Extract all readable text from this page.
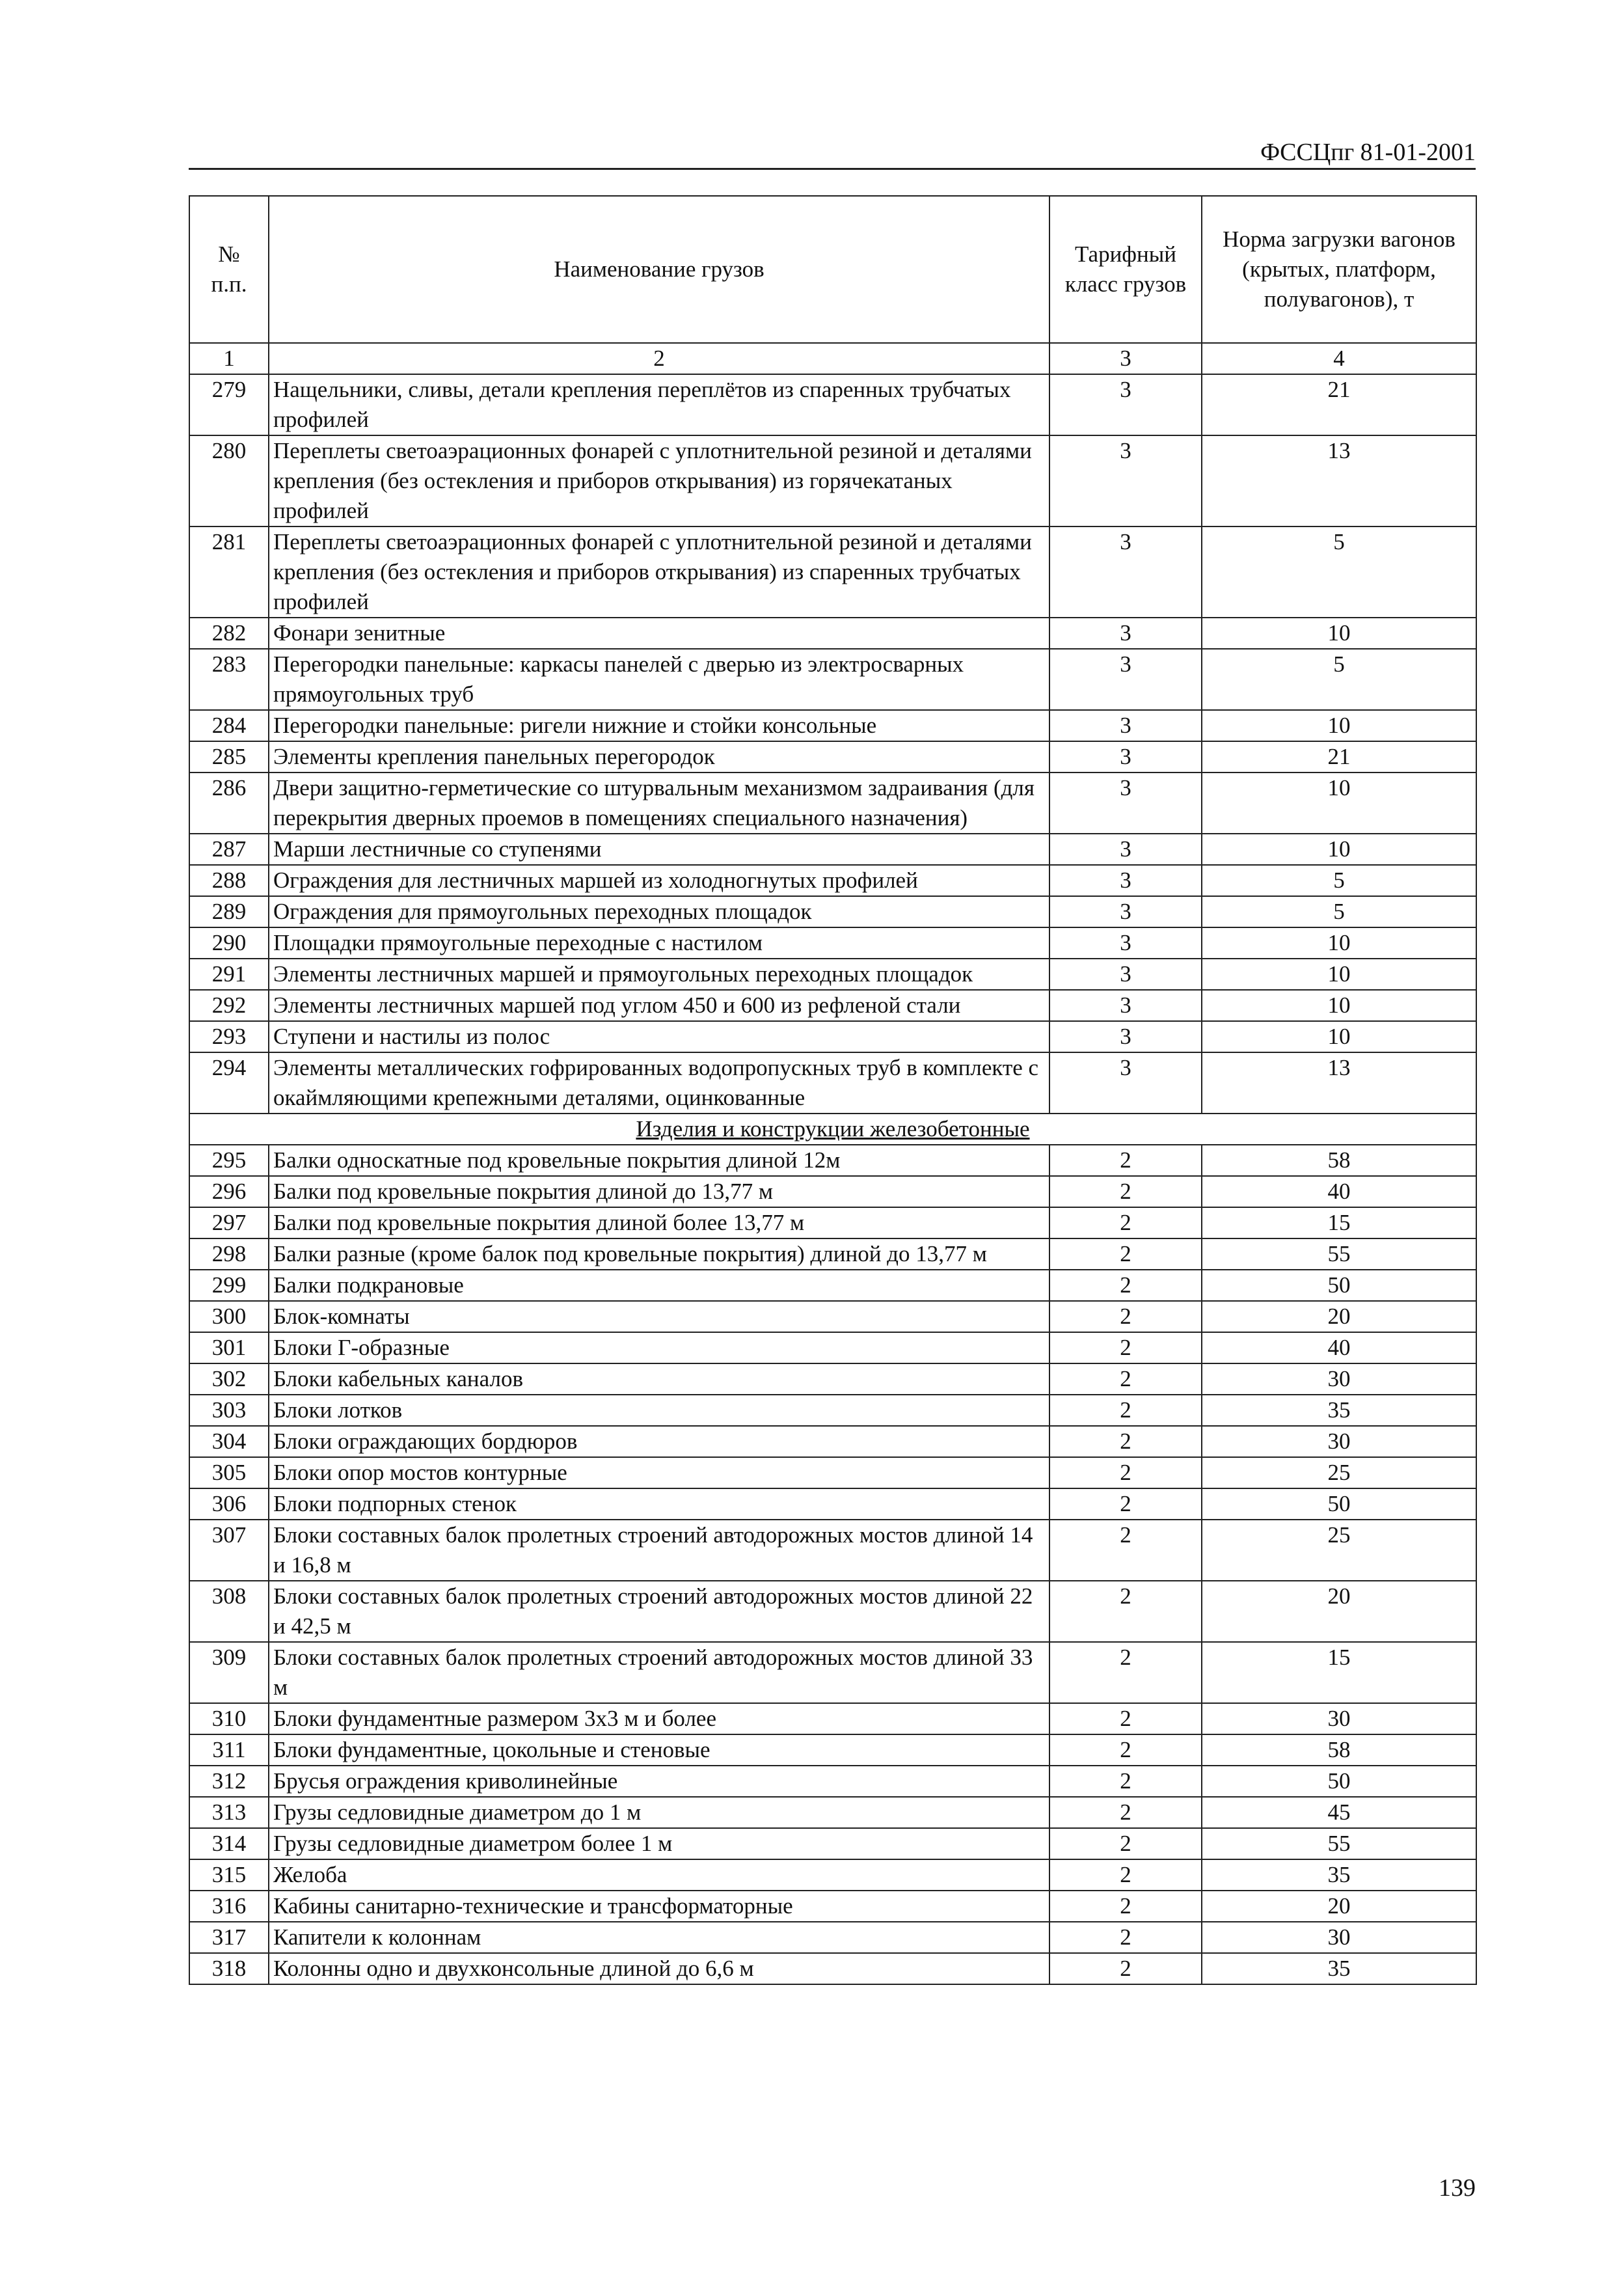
ФССЦпг 81-01-2001
№
п.п.	Наименование грузов	Тарифный класс грузов	Норма загрузки вагонов (крытых, платформ, полувагонов), т
1	2	3	4
279	Нащельники, сливы, детали крепления переплётов из спаренных трубчатых профилей	3	21
280	Переплеты светоаэрационных фонарей с уплотнительной резиной и деталями крепления (без остекления и приборов открывания) из горячекатаных профилей	3	13
281	Переплеты светоаэрационных фонарей с уплотнительной резиной и деталями крепления (без остекления и приборов открывания) из спаренных трубчатых профилей	3	5
282	Фонари зенитные	3	10
283	Перегородки панельные: каркасы панелей с дверью из электросварных прямоугольных труб	3	5
284	Перегородки панельные: ригели нижние и стойки консольные	3	10
285	Элементы крепления панельных перегородок	3	21
286	Двери защитно-герметические со штурвальным механизмом задраивания (для перекрытия дверных проемов в помещениях специального назначения)	3	10
287	Марши лестничные со ступенями	3	10
288	Ограждения для лестничных маршей из холодногнутых профилей	3	5
289	Ограждения для прямоугольных переходных площадок	3	5
290	Площадки прямоугольные переходные с настилом	3	10
291	Элементы лестничных маршей и прямоугольных переходных площадок	3	10
292	Элементы лестничных маршей под углом 450 и 600 из рефленой стали	3	10
293	Ступени и настилы из полос	3	10
294	Элементы металлических гофрированных водопропускных труб в комплекте с окаймляющими крепежными деталями, оцинкованные	3	13
Изделия и конструкции железобетонные			
295	Балки односкатные под кровельные покрытия длиной 12м	2	58
296	Балки под кровельные покрытия длиной до 13,77 м	2	40
297	Балки под кровельные покрытия длиной более 13,77 м	2	15
298	Балки разные (кроме балок под кровельные покрытия) длиной до 13,77 м	2	55
299	Балки подкрановые	2	50
300	Блок-комнаты	2	20
301	Блоки Г-образные	2	40
302	Блоки кабельных каналов	2	30
303	Блоки лотков	2	35
304	Блоки ограждающих бордюров	2	30
305	Блоки опор мостов контурные	2	25
306	Блоки подпорных стенок	2	50
307	Блоки составных балок пролетных строений автодорожных мостов длиной 14 и 16,8 м	2	25
308	Блоки составных балок пролетных строений автодорожных мостов длиной 22 и 42,5 м	2	20
309	Блоки составных балок пролетных строений автодорожных мостов длиной 33 м	2	15
310	Блоки фундаментные размером 3х3 м и более	2	30
311	Блоки фундаментные, цокольные и стеновые	2	58
312	Брусья ограждения криволинейные	2	50
313	Грузы седловидные диаметром до 1 м	2	45
314	Грузы седловидные диаметром более 1 м	2	55
315	Желоба	2	35
316	Кабины санитарно-технические и трансформаторные	2	20
317	Капители к колоннам	2	30
318	Колонны одно и двухконсольные длиной до 6,6 м	2	35
139
